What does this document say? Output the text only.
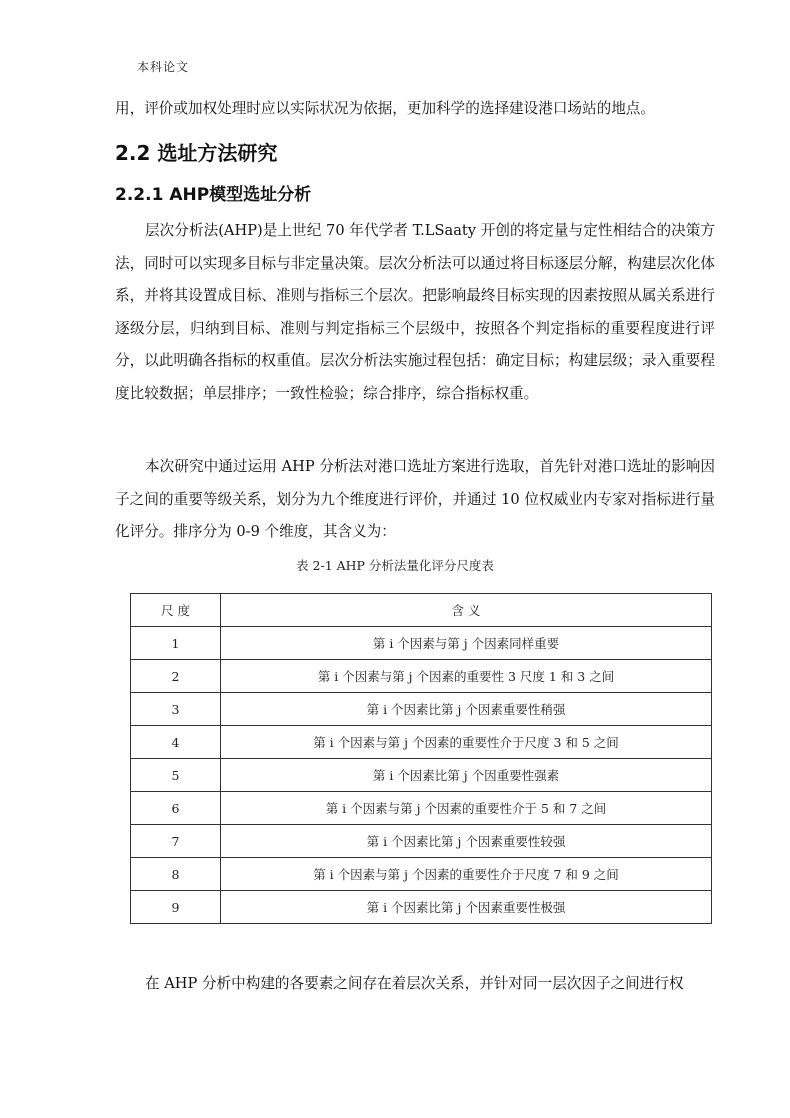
本科论文

用，评价或加权处理时应以实际状况为依据，更加科学的选择建设港口场站的地点。

2.2 选址方法研究
2.2.1 AHP模型选址分析

层次分析法(AHP)是上世纪 70 年代学者 T.LSaaty 开创的将定量与定性相结合的决策方法，同时可以实现多目标与非定量决策。层次分析法可以通过将目标逐层分解，构建层次化体系，并将其设置成目标、准则与指标三个层次。把影响最终目标实现的因素按照从属关系进行逐级分层，归纳到目标、准则与判定指标三个层级中，按照各个判定指标的重要程度进行评分，以此明确各指标的权重值。层次分析法实施过程包括：确定目标；构建层级；录入重要程度比较数据；单层排序；一致性检验；综合排序，综合指标权重。

本次研究中通过运用 AHP 分析法对港口选址方案进行选取，首先针对港口选址的影响因子之间的重要等级关系，划分为九个维度进行评价，并通过 10 位权威业内专家对指标进行量化评分。排序分为 0-9 个维度，其含义为：

表 2-1 AHP 分析法量化评分尺度表
尺 度	含 义
1	第 i 个因素与第 j 个因素同样重要
2	第 i 个因素与第 j 个因素的重要性 3 尺度 1 和 3 之间
3	第 i 个因素比第 j 个因素重要性稍强
4	第 i 个因素与第 j 个因素的重要性介于尺度 3 和 5 之间
5	第 i 个因素比第 j 个因重要性强素
6	第 i 个因素与第 j 个因素的重要性介于 5 和 7 之间
7	第 i 个因素比第 j 个因素重要性较强
8	第 i 个因素与第 j 个因素的重要性介于尺度 7 和 9 之间
9	第 i 个因素比第 j 个因素重要性极强

在 AHP 分析中构建的各要素之间存在着层次关系，并针对同一层次因子之间进行权
